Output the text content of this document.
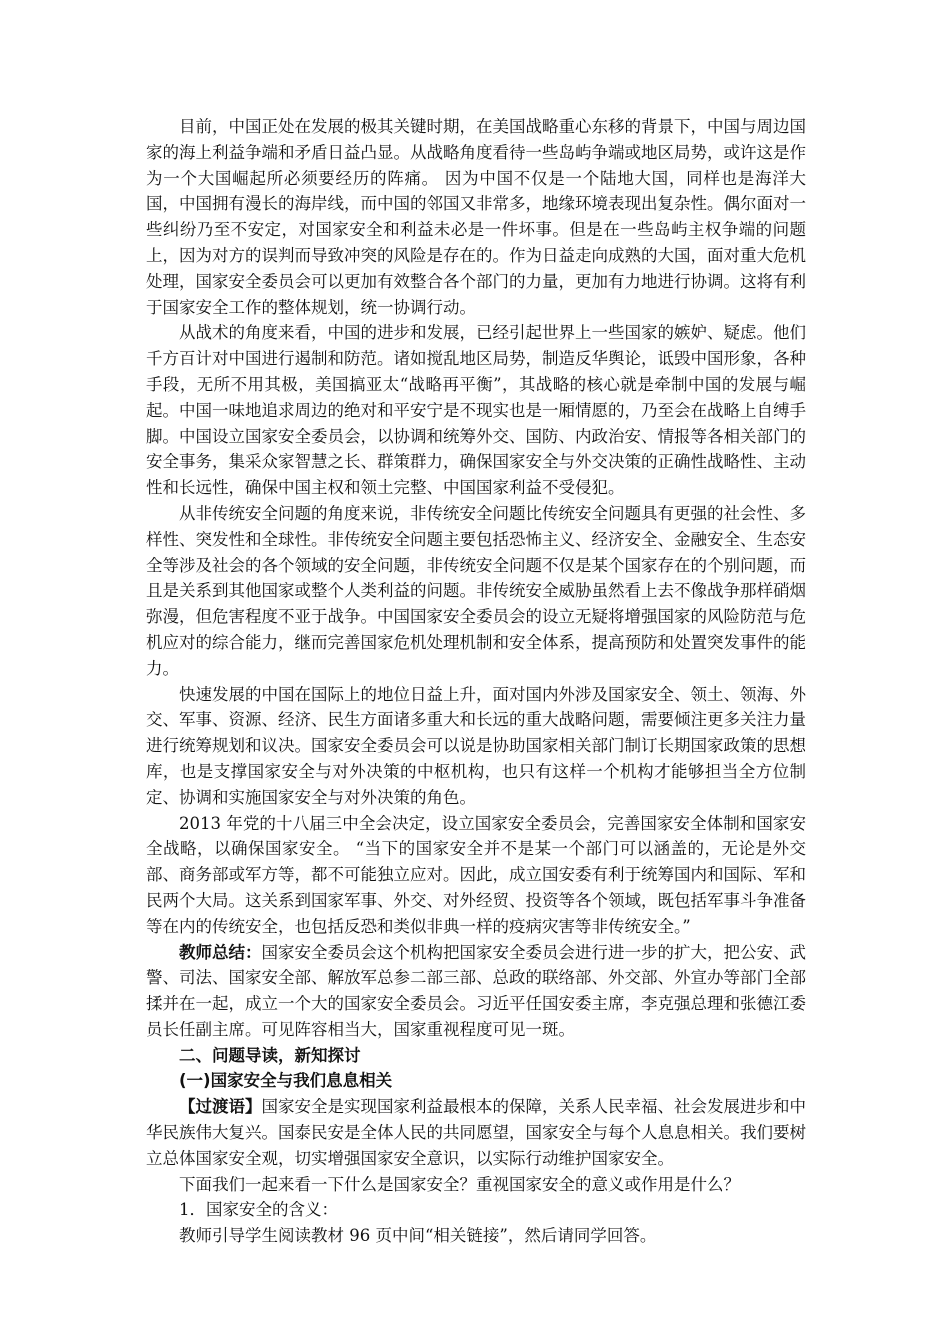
目前，中国正处在发展的极其关键时期，在美国战略重心东移的背景下，中国与周边国家的海上利益争端和矛盾日益凸显。从战略角度看待一些岛屿争端或地区局势，或许这是作为一个大国崛起所必须要经历的阵痛。 因为中国不仅是一个陆地大国，同样也是海洋大国，中国拥有漫长的海岸线，而中国的邻国又非常多，地缘环境表现出复杂性。偶尔面对一些纠纷乃至不安定，对国家安全和利益未必是一件坏事。但是在一些岛屿主权争端的问题上，因为对方的误判而导致冲突的风险是存在的。作为日益走向成熟的大国，面对重大危机处理，国家安全委员会可以更加有效整合各个部门的力量，更加有力地进行协调。这将有利于国家安全工作的整体规划，统一协调行动。

从战术的角度来看，中国的进步和发展，已经引起世界上一些国家的嫉妒、疑虑。他们千方百计对中国进行遏制和防范。诸如搅乱地区局势，制造反华舆论，诋毁中国形象，各种手段，无所不用其极，美国搞亚太“战略再平衡”，其战略的核心就是牵制中国的发展与崛起。中国一味地追求周边的绝对和平安宁是不现实也是一厢情愿的，乃至会在战略上自缚手脚。中国设立国家安全委员会，以协调和统筹外交、国防、内政治安、情报等各相关部门的安全事务，集采众家智慧之长、群策群力，确保国家安全与外交决策的正确性战略性、主动性和长远性，确保中国主权和领土完整、中国国家利益不受侵犯。

从非传统安全问题的角度来说，非传统安全问题比传统安全问题具有更强的社会性、多样性、突发性和全球性。非传统安全问题主要包括恐怖主义、经济安全、金融安全、生态安全等涉及社会的各个领域的安全问题，非传统安全问题不仅是某个国家存在的个别问题，而且是关系到其他国家或整个人类利益的问题。非传统安全威胁虽然看上去不像战争那样硝烟弥漫，但危害程度不亚于战争。中国国家安全委员会的设立无疑将增强国家的风险防范与危机应对的综合能力，继而完善国家危机处理机制和安全体系，提高预防和处置突发事件的能力。

快速发展的中国在国际上的地位日益上升，面对国内外涉及国家安全、领土、领海、外交、军事、资源、经济、民生方面诸多重大和长远的重大战略问题，需要倾注更多关注力量进行统筹规划和议决。国家安全委员会可以说是协助国家相关部门制订长期国家政策的思想库，也是支撑国家安全与对外决策的中枢机构，也只有这样一个机构才能够担当全方位制定、协调和实施国家安全与对外决策的角色。

2013 年党的十八届三中全会决定，设立国家安全委员会，完善国家安全体制和国家安全战略，以确保国家安全。 “当下的国家安全并不是某一个部门可以涵盖的，无论是外交部、商务部或军方等，都不可能独立应对。因此，成立国安委有利于统筹国内和国际、军和民两个大局。这关系到国家军事、外交、对外经贸、投资等各个领域，既包括军事斗争准备等在内的传统安全，也包括反恐和类似非典一样的疫病灾害等非传统安全。”

教师总结：国家安全委员会这个机构把国家安全委员会进行进一步的扩大，把公安、武警、司法、国家安全部、解放军总参二部三部、总政的联络部、外交部、外宣办等部门全部揉并在一起，成立一个大的国家安全委员会。习近平任国安委主席，李克强总理和张德江委员长任副主席。可见阵容相当大，国家重视程度可见一斑。

二、问题导读，新知探讨

(一)国家安全与我们息息相关

【过渡语】国家安全是实现国家利益最根本的保障，关系人民幸福、社会发展进步和中华民族伟大复兴。国泰民安是全体人民的共同愿望，国家安全与每个人息息相关。我们要树立总体国家安全观，切实增强国家安全意识，以实际行动维护国家安全。

下面我们一起来看一下什么是国家安全？重视国家安全的意义或作用是什么？

1．国家安全的含义：

教师引导学生阅读教材 96 页中间“相关链接”，然后请同学回答。
